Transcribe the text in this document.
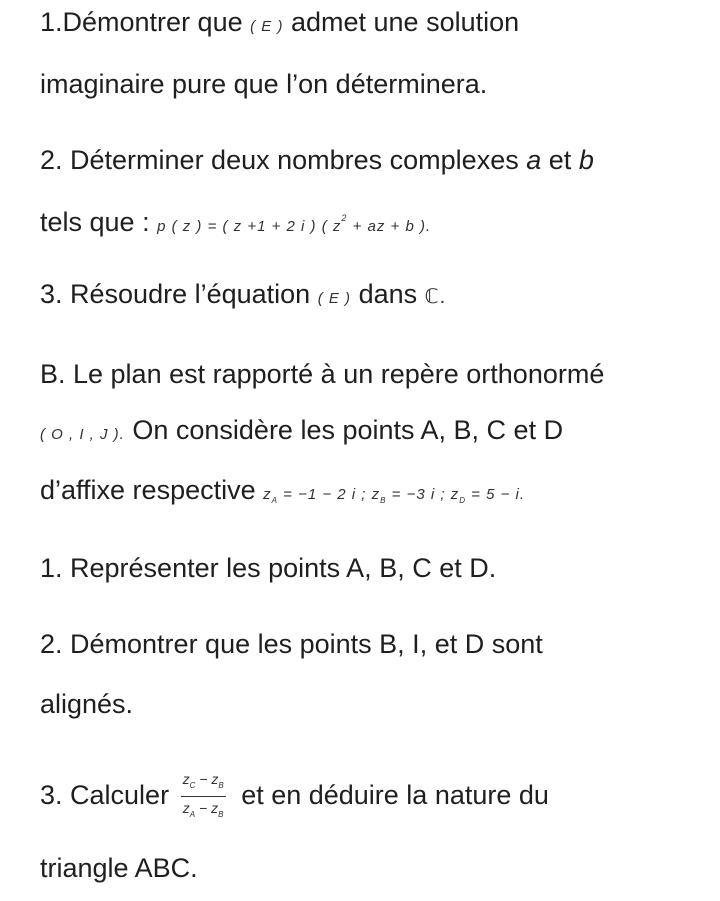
1.Démontrer que ( E ) admet une solution
imaginaire pure que l’on déterminera.
2. Déterminer deux nombres complexes a et b
tels que : p ( z ) = ( z +1 + 2 i ) ( $z^2$ + az + b ).
3. Résoudre l’équation ( E ) dans ℂ.
B. Le plan est rapporté à un repère orthonormé
( O , I , J ). On considère les points A, B, C et D
d’affixe respective $z_A = -1 - 2$ i ; $z_B = -3$ i ; $z_D = 5 - i$.
1. Représenter les points A, B, C et D.
2. Démontrer que les points B, I, et D sont
alignés.
3. Calculer $\frac{z_C - z_B}{z_A - z_B}$ et en déduire la nature du
triangle ABC.
